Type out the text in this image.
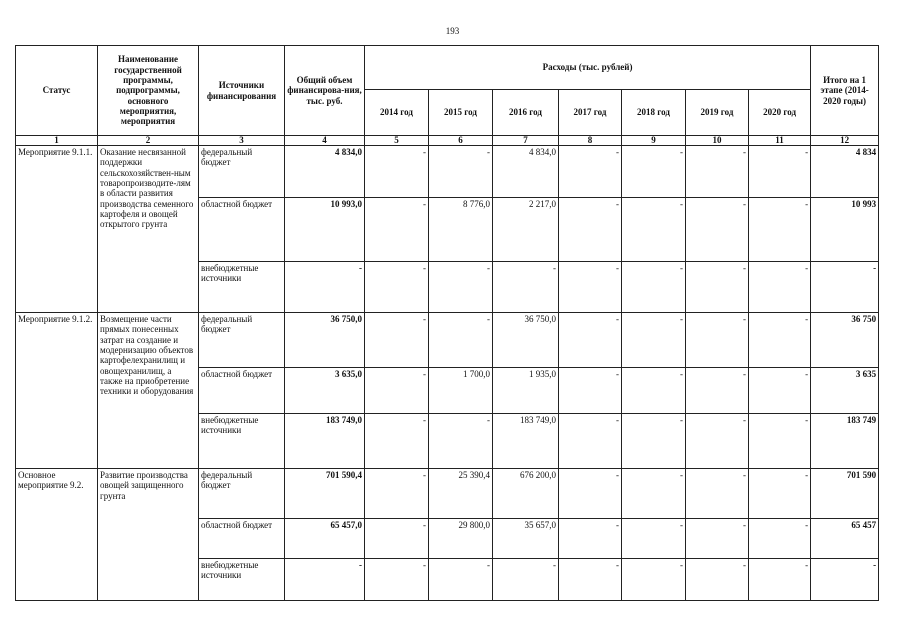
193
Статус	Наименование государственной программы, подпрограммы, основного мероприятия, мероприятия	Источники финансирования	Общий объем финансирова-ния, тыс. руб.	Расходы (тыс. рублей)							Итого на 1 этапе (2014-2020 годы)
				2014 год	2015 год	2016 год	2017 год	2018 год	2019 год	2020 год	
1	2	3	4	5	6	7	8	9	10	11	12
Мероприятие 9.1.1.	Оказание несвязанной поддержки сельскохозяйствен-ным товаропроизводите-лям в области развития производства семенного картофеля и овощей открытого грунта	федеральный бюджет	4 834,0	-	-	4 834,0	-	-	-	-	4 834
		областной бюджет	10 993,0	-	8 776,0	2 217,0	-	-	-	-	10 993
		внебюджетные источники	-	-	-	-	-	-	-	-	-
Мероприятие 9.1.2.	Возмещение части прямых понесенных затрат на создание и модернизацию объектов картофелехранилищ и овощехранилищ, а также на приобретение техники и оборудования	федеральный бюджет	36 750,0	-	-	36 750,0	-	-	-	-	36 750
		областной бюджет	3 635,0	-	1 700,0	1 935,0	-	-	-	-	3 635
		внебюджетные источники	183 749,0	-	-	183 749,0	-	-	-	-	183 749
Основное мероприятие 9.2.	Развитие производства овощей защищенного грунта	федеральный бюджет	701 590,4	-	25 390,4	676 200,0	-	-	-	-	701 590
		областной бюджет	65 457,0	-	29 800,0	35 657,0	-	-	-	-	65 457
		внебюджетные источники	-	-	-	-	-	-	-	-	-
